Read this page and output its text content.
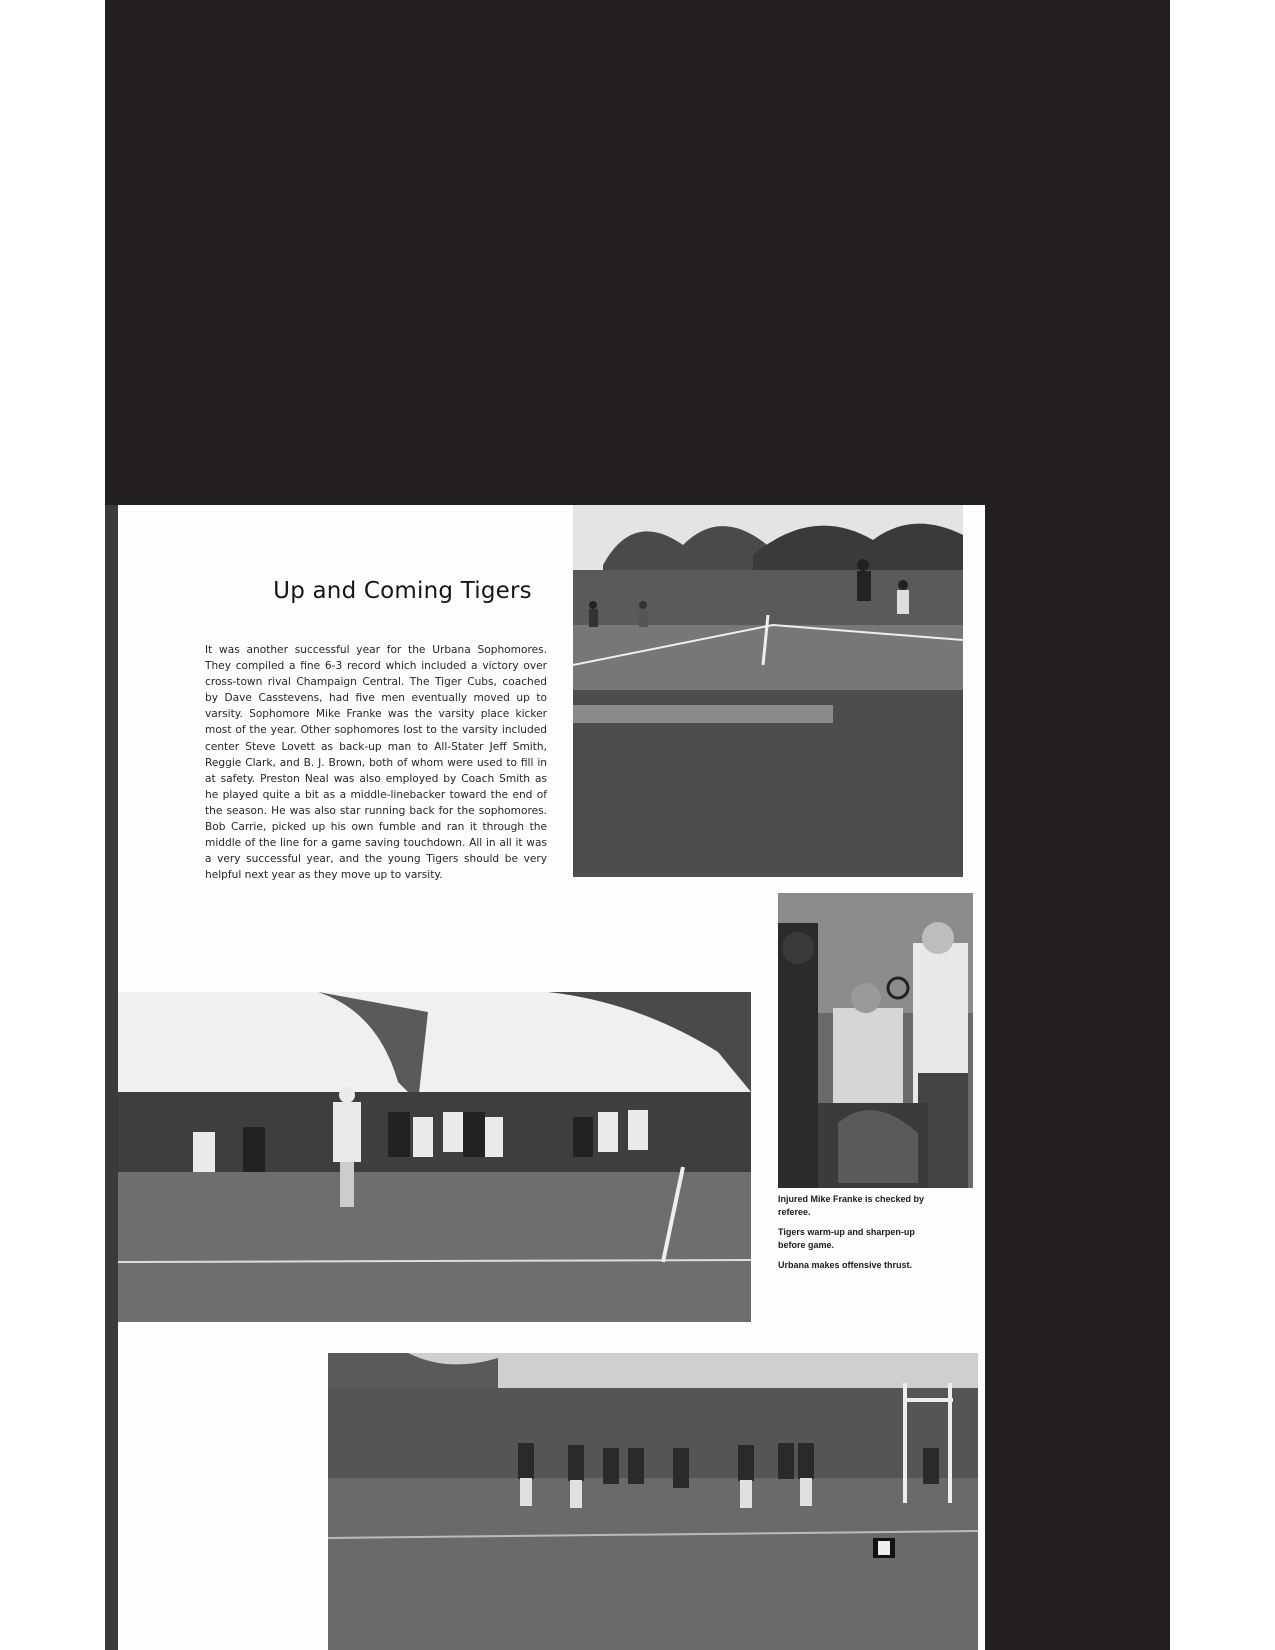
Up and Coming Tigers

It was another successful year for the Urbana Sophomores. They compiled a fine 6-3 record which included a victory over cross-town rival Champaign Central. The Tiger Cubs, coached by Dave Casstevens, had five men eventually moved up to varsity. Sophomore Mike Franke was the varsity place kicker most of the year. Other sophomores lost to the varsity included center Steve Lovett as back-up man to All-Stater Jeff Smith, Reggie Clark, and B. J. Brown, both of whom were used to fill in at safety. Preston Neal was also employed by Coach Smith as he played quite a bit as a middle-linebacker toward the end of the season. He was also star running back for the sophomores. Bob Carrie, picked up his own fumble and ran it through the middle of the line for a game saving touchdown. All in all it was a very successful year, and the young Tigers should be very helpful next year as they move up to varsity.

Injured Mike Franke is checked by referee.

Tigers warm-up and sharpen-up before game.

Urbana makes offensive thrust.
